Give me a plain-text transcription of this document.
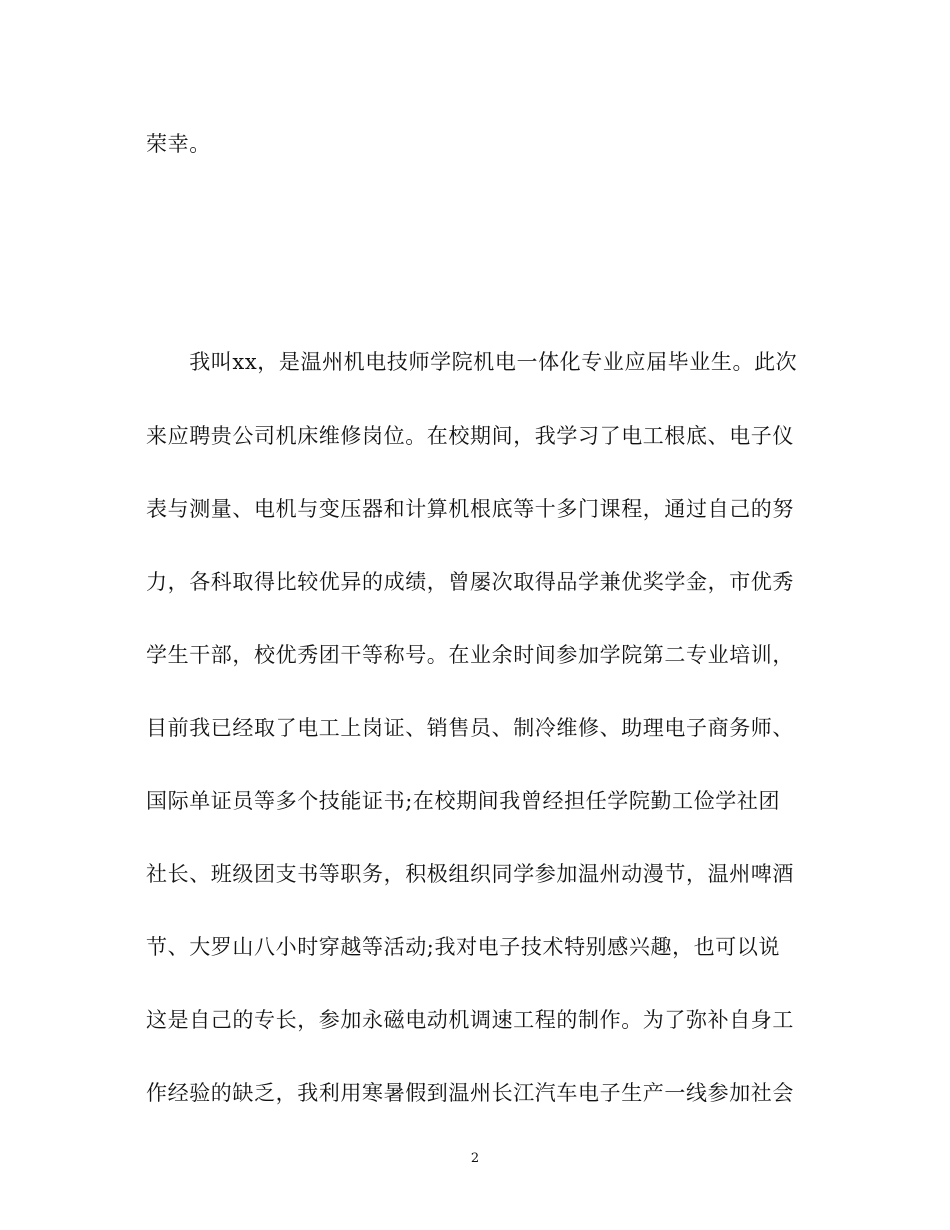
荣幸。
　　我叫xx，是温州机电技师学院机电一体化专业应届毕业生。此次
来应聘贵公司机床维修岗位。在校期间，我学习了电工根底、电子仪
表与测量、电机与变压器和计算机根底等十多门课程，通过自己的努
力，各科取得比较优异的成绩，曾屡次取得品学兼优奖学金，市优秀
学生干部，校优秀团干等称号。在业余时间参加学院第二专业培训，
目前我已经取了电工上岗证、销售员、制冷维修、助理电子商务师、
国际单证员等多个技能证书;在校期间我曾经担任学院勤工俭学社团
社长、班级团支书等职务，积极组织同学参加温州动漫节，温州啤酒
节、大罗山八小时穿越等活动;我对电子技术特别感兴趣，也可以说
这是自己的专长，参加永磁电动机调速工程的制作。为了弥补自身工
作经验的缺乏，我利用寒暑假到温州长江汽车电子生产一线参加社会
2
